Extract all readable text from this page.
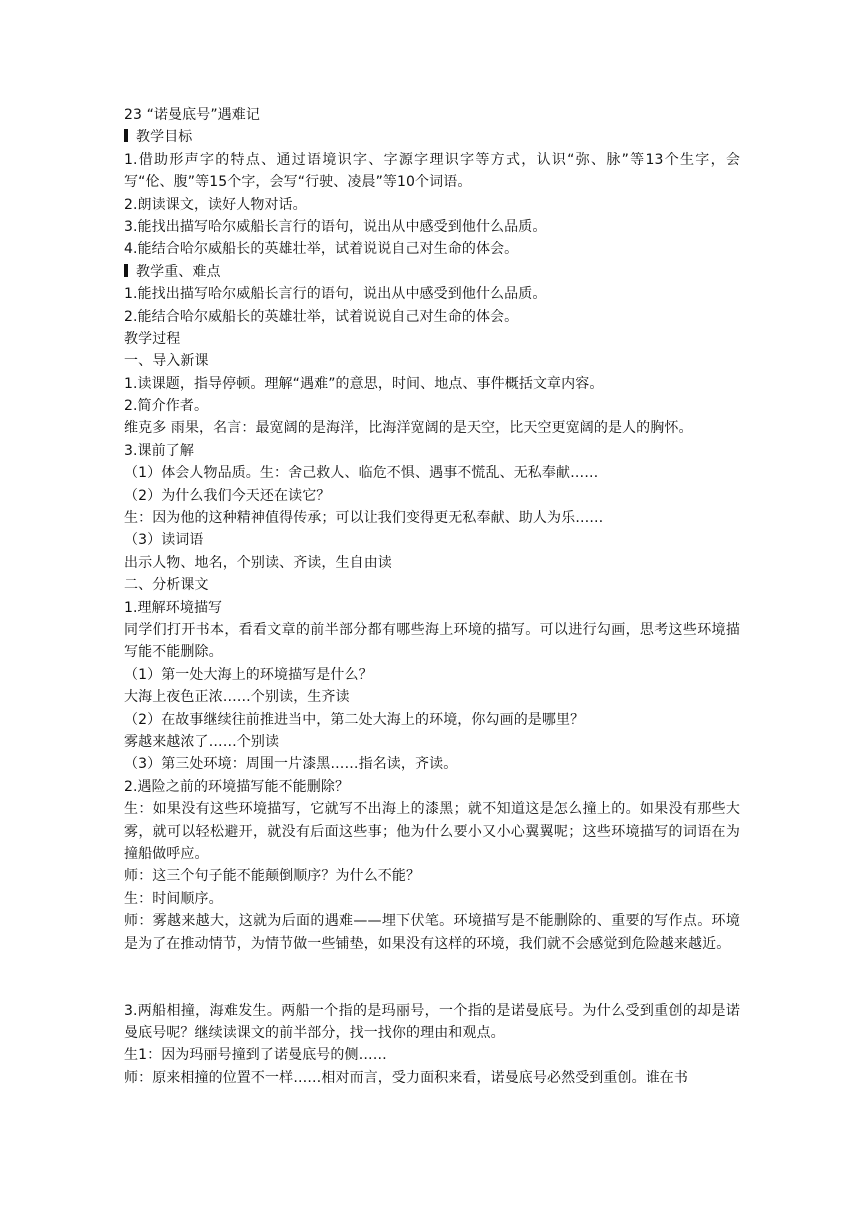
23 “诺曼底号”遇难记
教学目标
1.借助形声字的特点、通过语境识字、字源字理识字等方式，认识“弥、脉”等13个生字，会写“伦、腹”等15个字，会写“行驶、凌晨”等10个词语。
2.朗读课文，读好人物对话。
3.能找出描写哈尔威船长言行的语句，说出从中感受到他什么品质。
4.能结合哈尔威船长的英雄壮举，试着说说自己对生命的体会。
教学重、难点
1.能找出描写哈尔威船长言行的语句，说出从中感受到他什么品质。
2.能结合哈尔威船长的英雄壮举，试着说说自己对生命的体会。
教学过程
一、导入新课
1.读课题，指导停顿。理解“遇难”的意思，时间、地点、事件概括文章内容。
2.简介作者。
维克多 雨果，名言：最宽阔的是海洋，比海洋宽阔的是天空，比天空更宽阔的是人的胸怀。
3.课前了解
（1）体会人物品质。生：舍己救人、临危不惧、遇事不慌乱、无私奉献……
（2）为什么我们今天还在读它？
生：因为他的这种精神值得传承；可以让我们变得更无私奉献、助人为乐……
（3）读词语
出示人物、地名，个别读、齐读，生自由读
二、分析课文
1.理解环境描写
同学们打开书本，看看文章的前半部分都有哪些海上环境的描写。可以进行勾画，思考这些环境描写能不能删除。
（1）第一处大海上的环境描写是什么？
大海上夜色正浓……个别读，生齐读
（2）在故事继续往前推进当中，第二处大海上的环境，你勾画的是哪里？
雾越来越浓了……个别读
（3）第三处环境：周围一片漆黑……指名读，齐读。
2.遇险之前的环境描写能不能删除？
生：如果没有这些环境描写，它就写不出海上的漆黑；就不知道这是怎么撞上的。如果没有那些大雾，就可以轻松避开，就没有后面这些事；他为什么要小又小心翼翼呢；这些环境描写的词语在为撞船做呼应。
师：这三个句子能不能颠倒顺序？为什么不能？
生：时间顺序。
师：雾越来越大，这就为后面的遇难——埋下伏笔。环境描写是不能删除的、重要的写作点。环境是为了在推动情节，为情节做一些铺垫，如果没有这样的环境，我们就不会感觉到危险越来越近。
3.两船相撞，海难发生。两船一个指的是玛丽号，一个指的是诺曼底号。为什么受到重创的却是诺曼底号呢？继续读课文的前半部分，找一找你的理由和观点。
生1：因为玛丽号撞到了诺曼底号的侧……
师：原来相撞的位置不一样……相对而言，受力面积来看，诺曼底号必然受到重创。谁在书
